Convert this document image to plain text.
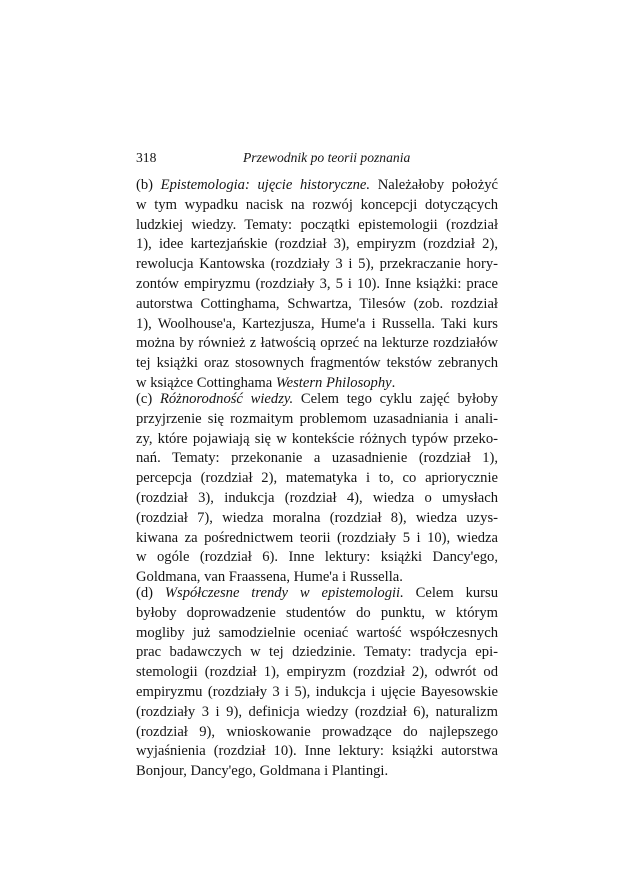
318	Przewodnik po teorii poznania
(b) Epistemologia: ujęcie historyczne. Należałoby położyć
w tym wypadku nacisk na rozwój koncepcji dotyczących
ludzkiej wiedzy. Tematy: początki epistemologii (rozdział
1), idee kartezjańskie (rozdział 3), empiryzm (rozdział 2),
rewolucja Kantowska (rozdziały 3 i 5), przekraczanie hory-
zontów empiryzmu (rozdziały 3, 5 i 10). Inne książki: prace
autorstwa Cottinghama, Schwartza, Tilesów (zob. rozdział
1), Woolhouse'a, Kartezjusza, Hume'a i Russella. Taki kurs
można by również z łatwością oprzeć na lekturze rozdziałów
tej książki oraz stosownych fragmentów tekstów zebranych
w książce Cottinghama Western Philosophy.
(c) Różnorodność wiedzy. Celem tego cyklu zajęć byłoby
przyjrzenie się rozmaitym problemom uzasadniania i anali-
zy, które pojawiają się w kontekście różnych typów przeko-
nań. Tematy: przekonanie a uzasadnienie (rozdział 1),
percepcja (rozdział 2), matematyka i to, co apriorycznie
(rozdział 3), indukcja (rozdział 4), wiedza o umysłach
(rozdział 7), wiedza moralna (rozdział 8), wiedza uzys-
kiwana za pośrednictwem teorii (rozdziały 5 i 10), wiedza
w ogóle (rozdział 6). Inne lektury: książki Dancy'ego,
Goldmana, van Fraassena, Hume'a i Russella.
(d) Współczesne trendy w epistemologii. Celem kursu
byłoby doprowadzenie studentów do punktu, w którym
mogliby już samodzielnie oceniać wartość współczesnych
prac badawczych w tej dziedzinie. Tematy: tradycja epi-
stemologii (rozdział 1), empiryzm (rozdział 2), odwrót od
empiryzmu (rozdziały 3 i 5), indukcja i ujęcie Bayesowskie
(rozdziały 3 i 9), definicja wiedzy (rozdział 6), naturalizm
(rozdział 9), wnioskowanie prowadzące do najlepszego
wyjaśnienia (rozdział 10). Inne lektury: książki autorstwa
Bonjour, Dancy'ego, Goldmana i Plantingi.
